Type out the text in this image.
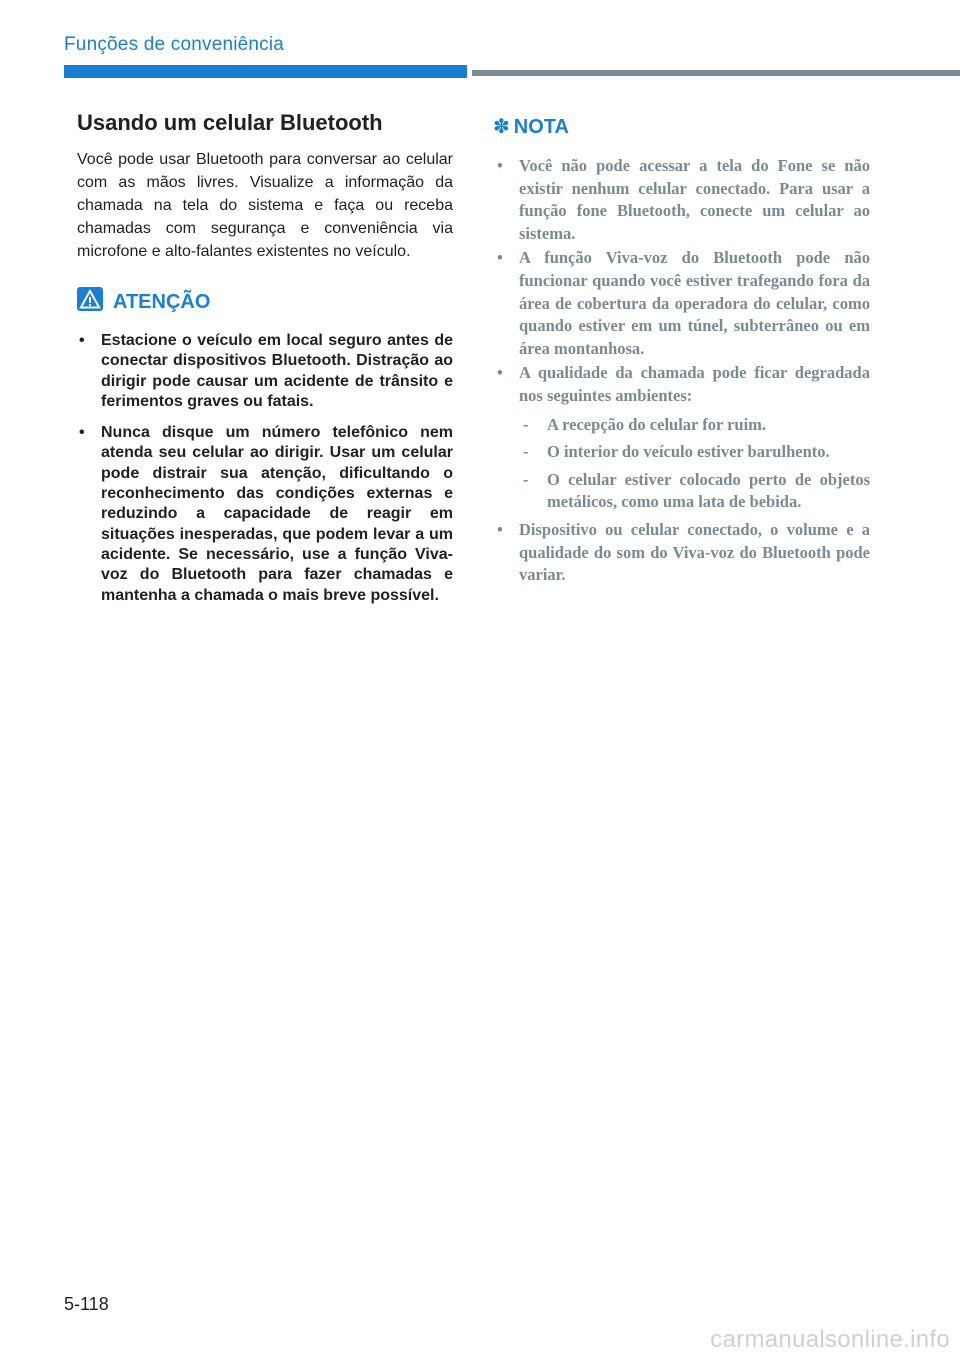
Funções de conveniência
Usando um celular Bluetooth

Você pode usar Bluetooth para conversar ao celular com as mãos livres. Visualize a informação da chamada na tela do sistema e faça ou receba chamadas com segurança e conveniência via microfone e alto-falantes existentes no veículo.

ATENÇÃO
• Estacione o veículo em local seguro antes de conectar dispositivos Bluetooth. Distração ao dirigir pode causar um acidente de trânsito e ferimentos graves ou fatais.
• Nunca disque um número telefônico nem atenda seu celular ao dirigir. Usar um celular pode distrair sua atenção, dificultando o reconhecimento das condições externas e reduzindo a capacidade de reagir em situações inesperadas, que podem levar a um acidente. Se necessário, use a função Viva-voz do Bluetooth para fazer chamadas e mantenha a chamada o mais breve possível.
✽ NOTA
• Você não pode acessar a tela do Fone se não existir nenhum celular conectado. Para usar a função fone Bluetooth, conecte um celular ao sistema.
• A função Viva-voz do Bluetooth pode não funcionar quando você estiver trafegando fora da área de cobertura da operadora do celular, como quando estiver em um túnel, subterrâneo ou em área montanhosa.
• A qualidade da chamada pode ficar degradada nos seguintes ambientes:
- A recepção do celular for ruim.
- O interior do veículo estiver barulhento.
- O celular estiver colocado perto de objetos metálicos, como uma lata de bebida.
• Dispositivo ou celular conectado, o volume e a qualidade do som do Viva-voz do Bluetooth pode variar.
5-118
carmanualsonline.info
